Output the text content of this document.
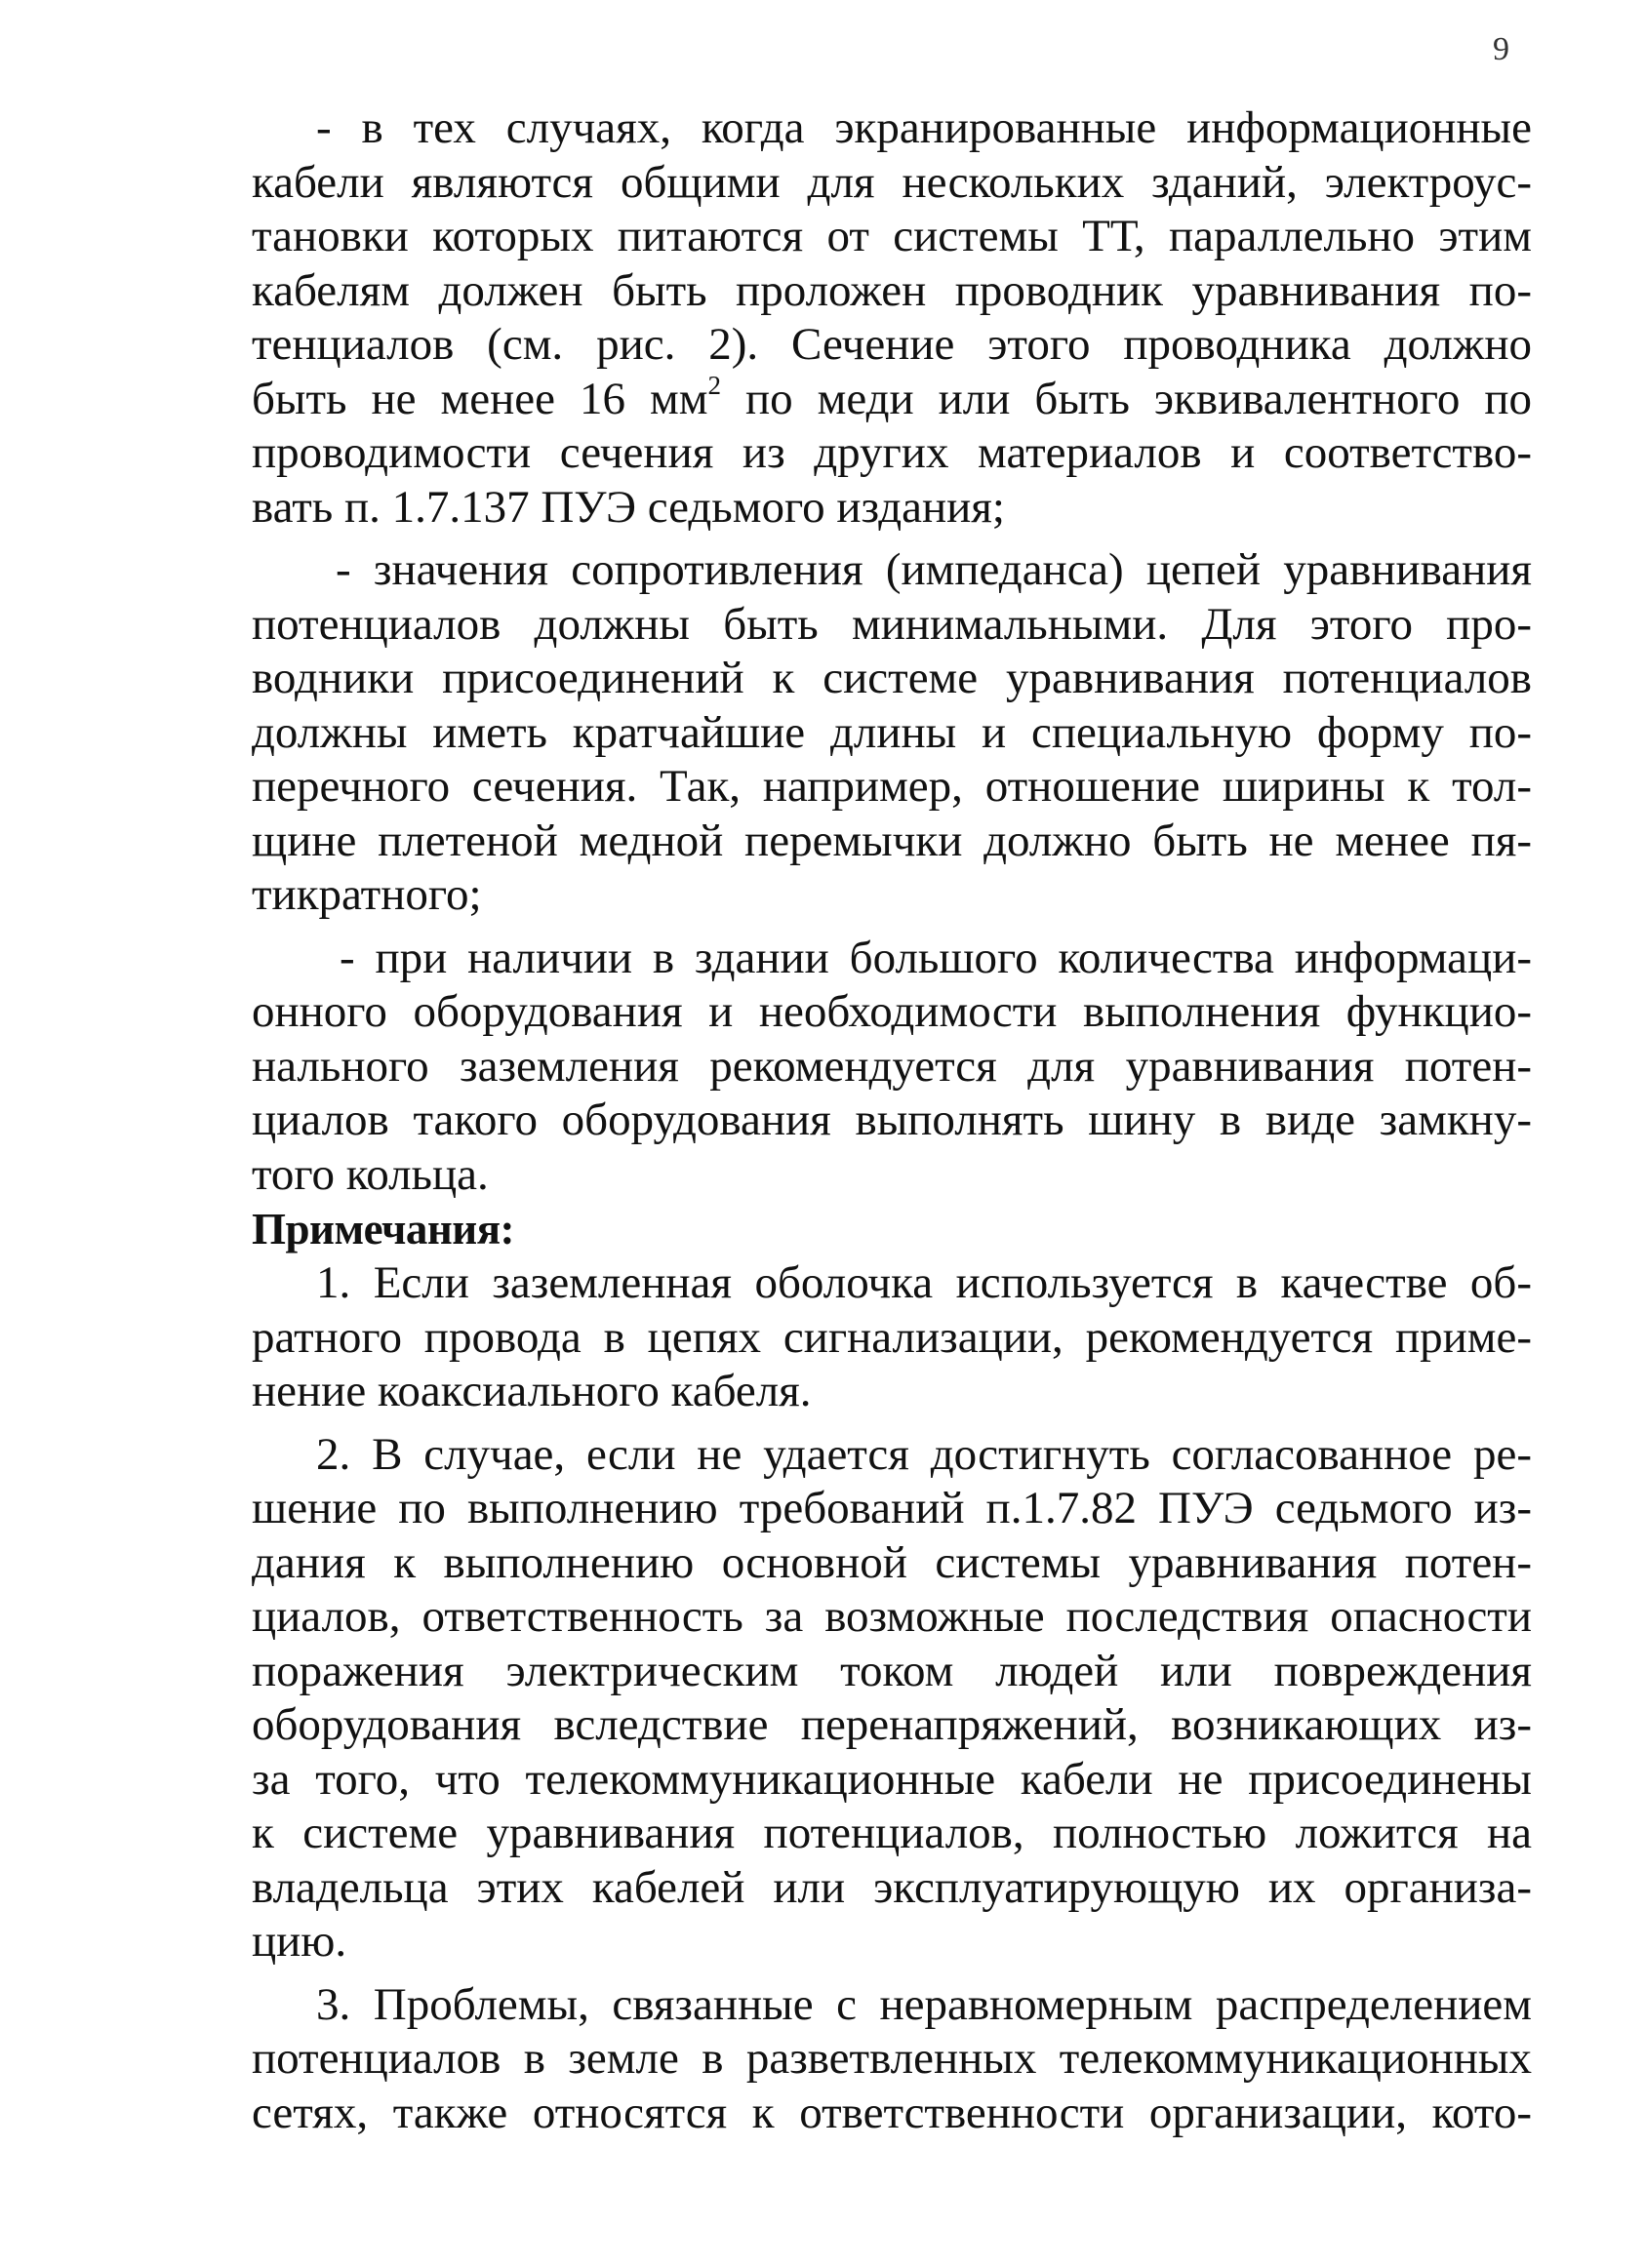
9
- в тех случаях, когда экранированные информационные
кабели являются общими для нескольких зданий, электроус-
тановки которых питаются от системы ТТ, параллельно этим
кабелям должен быть проложен проводник уравнивания по-
тенциалов (см. рис. 2). Сечение этого проводника должно
быть не менее 16 $мм^2$ по меди или быть эквивалентного по
проводимости сечения из других материалов и соответство-
вать п. 1.7.137 ПУЭ седьмого издания;
- значения сопротивления (импеданса) цепей уравнивания
потенциалов должны быть минимальными. Для этого про-
водники присоединений к системе уравнивания потенциалов
должны иметь кратчайшие длины и специальную форму по-
перечного сечения. Так, например, отношение ширины к тол-
щине плетеной медной перемычки должно быть не менее пя-
тикратного;
- при наличии в здании большого количества информаци-
онного оборудования и необходимости выполнения функцио-
нального заземления рекомендуется для уравнивания потен-
циалов такого оборудования выполнять шину в виде замкну-
того кольца.
Примечания:
1. Если заземленная оболочка используется в качестве об-
ратного провода в цепях сигнализации, рекомендуется приме-
нение коаксиального кабеля.
2. В случае, если не удается достигнуть согласованное ре-
шение по выполнению требований п.1.7.82 ПУЭ седьмого из-
дания к выполнению основной системы уравнивания потен-
циалов, ответственность за возможные последствия опасности
поражения электрическим током людей или повреждения
оборудования вследствие перенапряжений, возникающих из-
за того, что телекоммуникационные кабели не присоединены
к системе уравнивания потенциалов, полностью ложится на
владельца этих кабелей или эксплуатирующую их организа-
цию.
3. Проблемы, связанные с неравномерным распределением
потенциалов в земле в разветвленных телекоммуникационных
сетях, также относятся к ответственности организации, кото-
